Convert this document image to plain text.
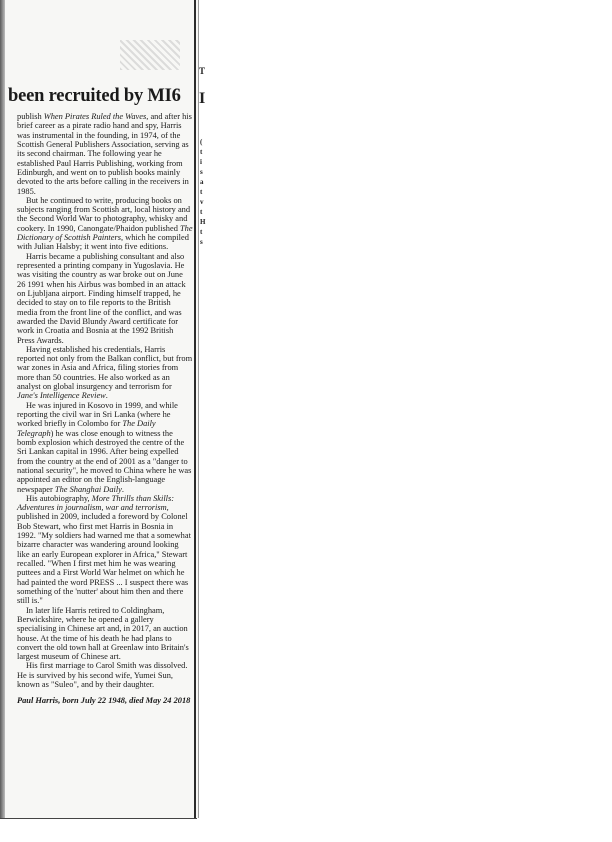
been recruited by MI6

publish When Pirates Ruled the Waves, and after his brief career as a pirate radio hand and spy, Harris was instrumental in the founding, in 1974, of the Scottish General Publishers Association, serving as its second chairman. The following year he established Paul Harris Publishing, working from Edinburgh, and went on to publish books mainly devoted to the arts before calling in the receivers in 1985.

But he continued to write, producing books on subjects ranging from Scottish art, local history and the Second World War to photography, whisky and cookery. In 1990, Canongate/Phaidon published The Dictionary of Scottish Painters, which he compiled with Julian Halsby; it went into five editions.

Harris became a publishing consultant and also represented a printing company in Yugoslavia. He was visiting the country as war broke out on June 26 1991 when his Airbus was bombed in an attack on Ljubljana airport. Finding himself trapped, he decided to stay on to file reports to the British media from the front line of the conflict, and was awarded the David Blundy Award certificate for work in Croatia and Bosnia at the 1992 British Press Awards.

Having established his credentials, Harris reported not only from the Balkan conflict, but from war zones in Asia and Africa, filing stories from more than 50 countries. He also worked as an analyst on global insurgency and terrorism for Jane's Intelligence Review.

He was injured in Kosovo in 1999, and while reporting the civil war in Sri Lanka (where he worked briefly in Colombo for The Daily Telegraph) he was close enough to witness the bomb explosion which destroyed the centre of the Sri Lankan capital in 1996. After being expelled from the country at the end of 2001 as a "danger to national security", he moved to China where he was appointed an editor on the English-language newspaper The Shanghai Daily.

His autobiography, More Thrills than Skills: Adventures in journalism, war and terrorism, published in 2009, included a foreword by Colonel Bob Stewart, who first met Harris in Bosnia in 1992. "My soldiers had warned me that a somewhat bizarre character was wandering around looking like an early European explorer in Africa," Stewart recalled. "When I first met him he was wearing puttees and a First World War helmet on which he had painted the word PRESS ... I suspect there was something of the 'nutter' about him then and there still is."

In later life Harris retired to Coldingham, Berwickshire, where he opened a gallery specialising in Chinese art and, in 2017, an auction house. At the time of his death he had plans to convert the old town hall at Greenlaw into Britain's largest museum of Chinese art.

His first marriage to Carol Smith was dissolved. He is survived by his second wife, Yumei Sun, known as "Suleo", and by their daughter.

Paul Harris, born July 22 1948, died May 24 2018
T
I
(
t
i
s
a
t
v
t
H
t
s
